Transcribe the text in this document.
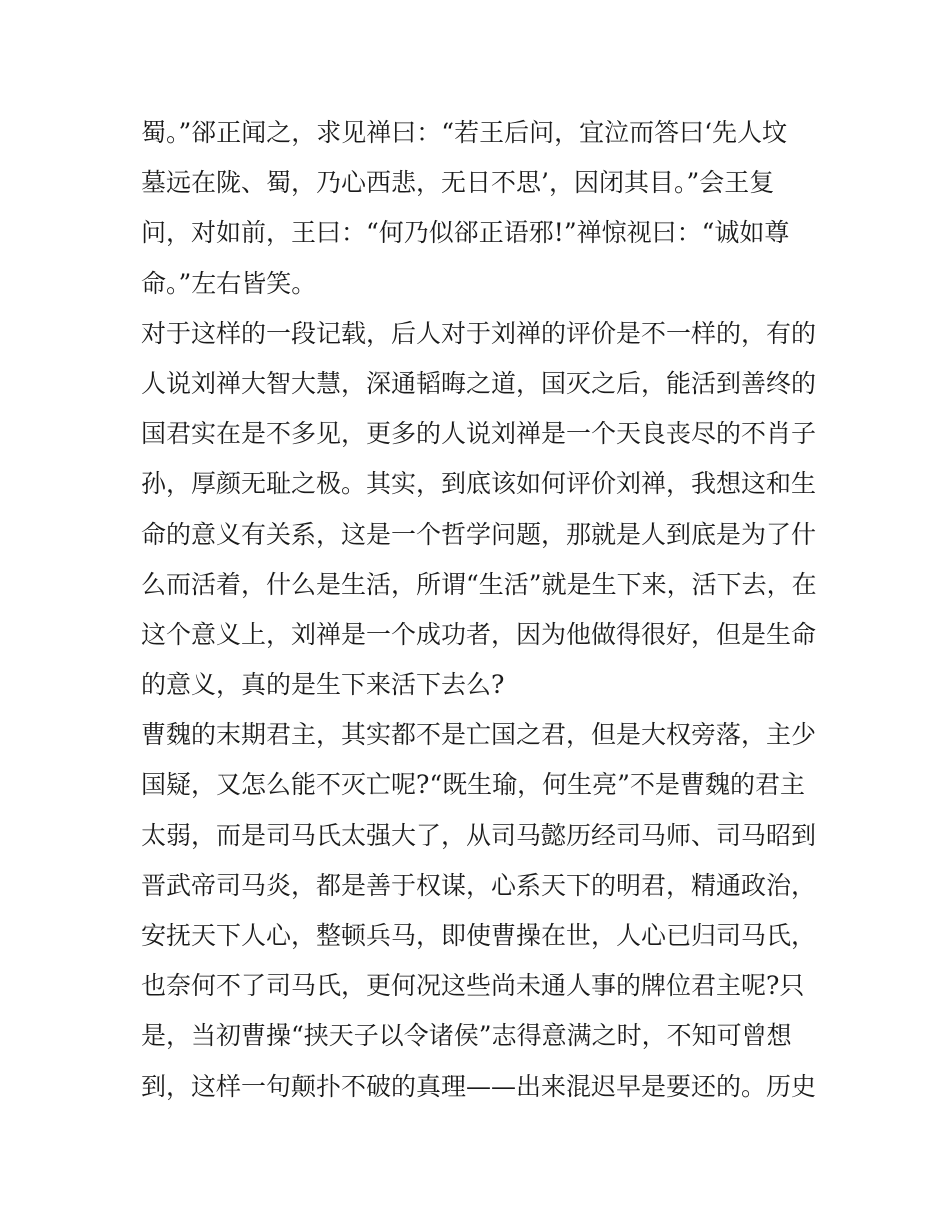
蜀。”郤正闻之，求见禅曰：“若王后问，宜泣而答曰‘先人坟
墓远在陇、蜀，乃心西悲，无日不思’，因闭其目。”会王复
问，对如前，王曰：“何乃似郤正语邪!”禅惊视曰：“诚如尊
命。”左右皆笑。
对于这样的一段记载，后人对于刘禅的评价是不一样的，有的
人说刘禅大智大慧，深通韬晦之道，国灭之后，能活到善终的
国君实在是不多见，更多的人说刘禅是一个天良丧尽的不肖子
孙，厚颜无耻之极。其实，到底该如何评价刘禅，我想这和生
命的意义有关系，这是一个哲学问题，那就是人到底是为了什
么而活着，什么是生活，所谓“生活”就是生下来，活下去，在
这个意义上，刘禅是一个成功者，因为他做得很好，但是生命
的意义，真的是生下来活下去么?
曹魏的末期君主，其实都不是亡国之君，但是大权旁落，主少
国疑，又怎么能不灭亡呢?“既生瑜，何生亮”不是曹魏的君主
太弱，而是司马氏太强大了，从司马懿历经司马师、司马昭到
晋武帝司马炎，都是善于权谋，心系天下的明君，精通政治，
安抚天下人心，整顿兵马，即使曹操在世，人心已归司马氏，
也奈何不了司马氏，更何况这些尚未通人事的牌位君主呢?只
是，当初曹操“挟天子以令诸侯”志得意满之时，不知可曾想
到，这样一句颠扑不破的真理——出来混迟早是要还的。历史
